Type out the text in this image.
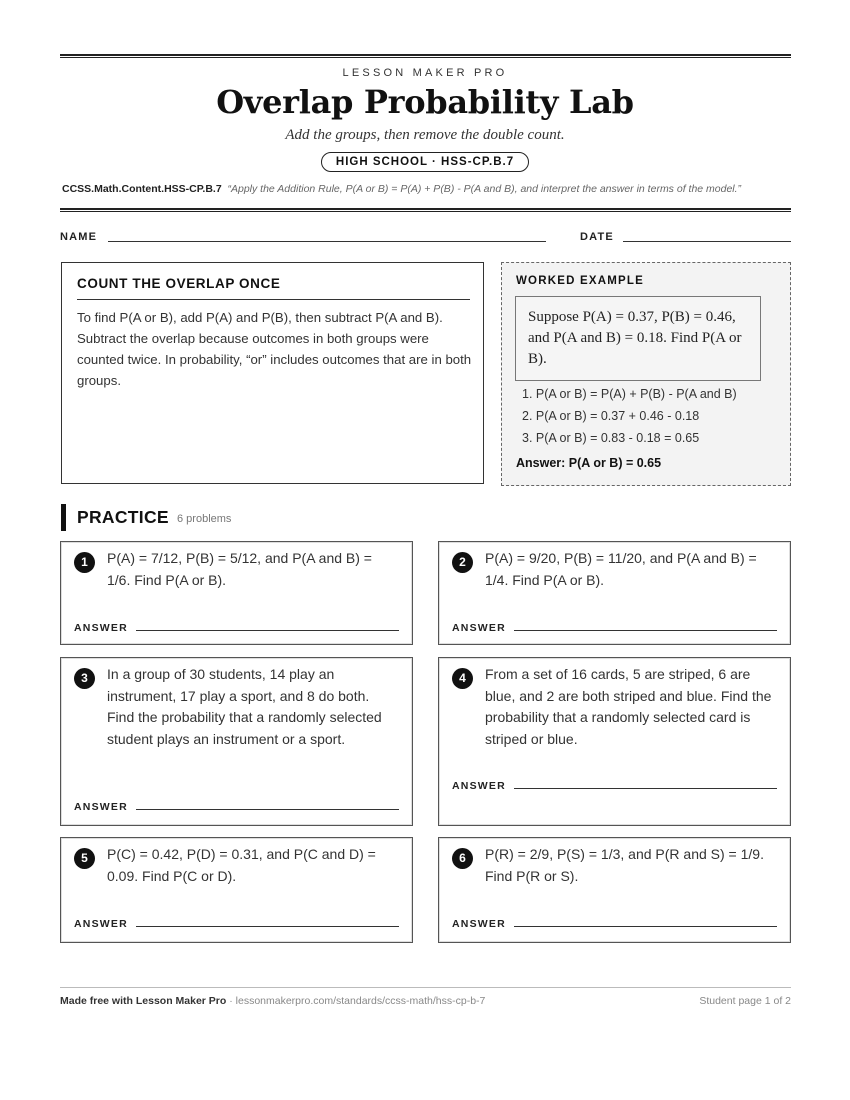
LESSON MAKER PRO
Overlap Probability Lab
Add the groups, then remove the double count.
HIGH SCHOOL · HSS-CP.B.7
CCSS.Math.Content.HSS-CP.B.7 “Apply the Addition Rule, P(A or B) = P(A) + P(B) - P(A and B), and interpret the answer in terms of the model.”
NAME	DATE
COUNT THE OVERLAP ONCE
To find P(A or B), add P(A) and P(B), then subtract P(A and B). Subtract the overlap because outcomes in both groups were counted twice. In probability, “or” includes outcomes that are in both groups.
WORKED EXAMPLE
Suppose P(A) = 0.37, P(B) = 0.46, and P(A and B) = 0.18. Find P(A or B).
1. P(A or B) = P(A) + P(B) - P(A and B)
2. P(A or B) = 0.37 + 0.46 - 0.18
3. P(A or B) = 0.83 - 0.18 = 0.65
Answer: P(A or B) = 0.65
PRACTICE 6 problems
1	P(A) = 7/12, P(B) = 5/12, and P(A and B) = 1/6. Find P(A or B).
ANSWER
2	P(A) = 9/20, P(B) = 11/20, and P(A and B) = 1/4. Find P(A or B).
ANSWER
3	In a group of 30 students, 14 play an instrument, 17 play a sport, and 8 do both. Find the probability that a randomly selected student plays an instrument or a sport.
ANSWER
4	From a set of 16 cards, 5 are striped, 6 are blue, and 2 are both striped and blue. Find the probability that a randomly selected card is striped or blue.
ANSWER
5	P(C) = 0.42, P(D) = 0.31, and P(C and D) = 0.09. Find P(C or D).
ANSWER
6	P(R) = 2/9, P(S) = 1/3, and P(R and S) = 1/9. Find P(R or S).
ANSWER
Made free with Lesson Maker Pro · lessonmakerpro.com/standards/ccss-math/hss-cp-b-7	Student page 1 of 2
